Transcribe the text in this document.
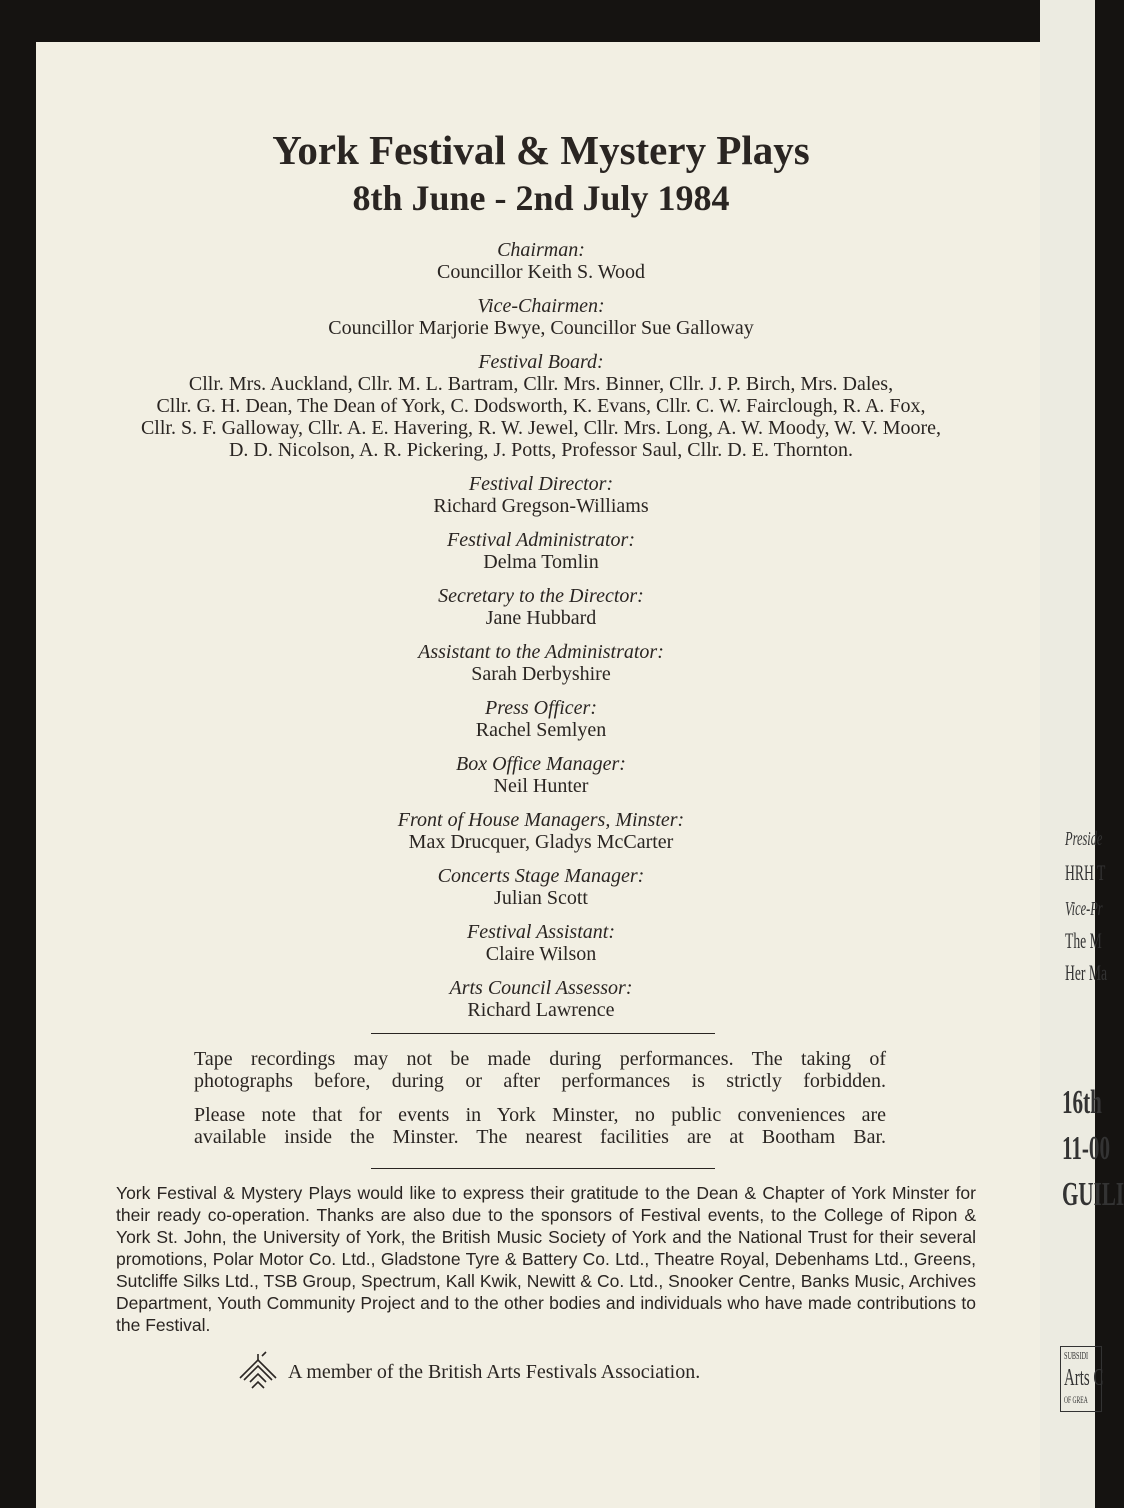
York Festival & Mystery Plays
8th June - 2nd July 1984
Chairman:
Councillor Keith S. Wood
Vice-Chairmen:
Councillor Marjorie Bwye, Councillor Sue Galloway
Festival Board:
Cllr. Mrs. Auckland, Cllr. M. L. Bartram, Cllr. Mrs. Binner, Cllr. J. P. Birch, Mrs. Dales,
Cllr. G. H. Dean, The Dean of York, C. Dodsworth, K. Evans, Cllr. C. W. Fairclough, R. A. Fox,
Cllr. S. F. Galloway, Cllr. A. E. Havering, R. W. Jewel, Cllr. Mrs. Long, A. W. Moody, W. V. Moore,
D. D. Nicolson, A. R. Pickering, J. Potts, Professor Saul, Cllr. D. E. Thornton.
Festival Director:
Richard Gregson-Williams
Festival Administrator:
Delma Tomlin
Secretary to the Director:
Jane Hubbard
Assistant to the Administrator:
Sarah Derbyshire
Press Officer:
Rachel Semlyen
Box Office Manager:
Neil Hunter
Front of House Managers, Minster:
Max Drucquer, Gladys McCarter
Concerts Stage Manager:
Julian Scott
Festival Assistant:
Claire Wilson
Arts Council Assessor:
Richard Lawrence
Tape recordings may not be made during performances. The taking of
photographs before, during or after performances is strictly forbidden.
Please note that for events in York Minster, no public conveniences are
available inside the Minster. The nearest facilities are at Bootham Bar.
York Festival & Mystery Plays would like to express their gratitude to the Dean & Chapter of York Minster for their ready co-operation. Thanks are also due to the sponsors of Festival events, to the College of Ripon & York St. John, the University of York, the British Music Society of York and the National Trust for their several promotions, Polar Motor Co. Ltd., Gladstone Tyre & Battery Co. Ltd., Theatre Royal, Debenhams Ltd., Greens, Sutcliffe Silks Ltd., TSB Group, Spectrum, Kall Kwik, Newitt & Co. Ltd., Snooker Centre, Banks Music, Archives Department, Youth Community Project and to the other bodies and individuals who have made contributions to the Festival.
A member of the British Arts Festivals Association.
Preside
HRH T
Vice-Pr
The M
Her Ma
16th
11-00
GUILI
SUBSIDI
Arts C
OF GREA
